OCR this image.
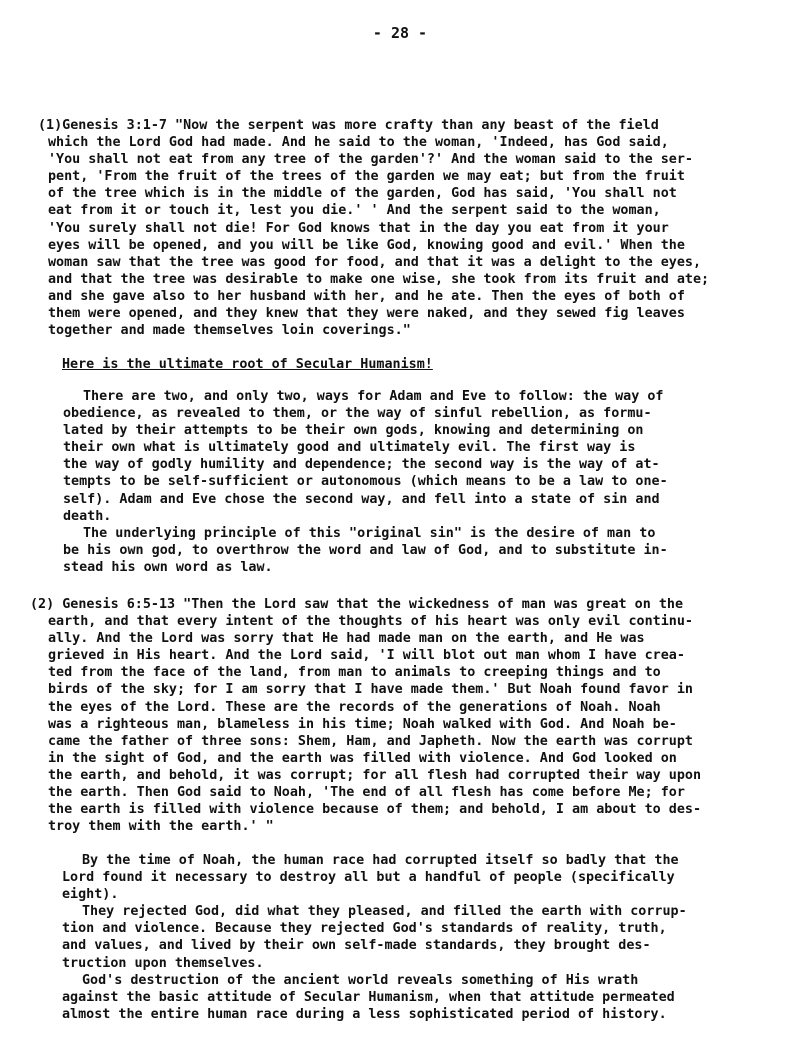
- 28 -
(1)Genesis 3:1-7 "Now the serpent was more crafty than any beast of the field
which the Lord God had made. And he said to the woman, 'Indeed, has God said,
'You shall not eat from any tree of the garden'?' And the woman said to the ser-
pent, 'From the fruit of the trees of the garden we may eat; but from the fruit
of the tree which is in the middle of the garden, God has said, 'You shall not
eat from it or touch it, lest you die.' ' And the serpent said to the woman,
'You surely shall not die! For God knows that in the day you eat from it your
eyes will be opened, and you will be like God, knowing good and evil.' When the
woman saw that the tree was good for food, and that it was a delight to the eyes,
and that the tree was desirable to make one wise, she took from its fruit and ate;
and she gave also to her husband with her, and he ate. Then the eyes of both of
them were opened, and they knew that they were naked, and they sewed fig leaves
together and made themselves loin coverings."
Here is the ultimate root of Secular Humanism!
There are two, and only two, ways for Adam and Eve to follow: the way of
obedience, as revealed to them, or the way of sinful rebellion, as formu-
lated by their attempts to be their own gods, knowing and determining on
their own what is ultimately good and ultimately evil. The first way is
the way of godly humility and dependence; the second way is the way of at-
tempts to be self-sufficient or autonomous (which means to be a law to one-
self). Adam and Eve chose the second way, and fell into a state of sin and
death.
The underlying principle of this "original sin" is the desire of man to
be his own god, to overthrow the word and law of God, and to substitute in-
stead his own word as law.
(2) Genesis 6:5-13 "Then the Lord saw that the wickedness of man was great on the
earth, and that every intent of the thoughts of his heart was only evil continu-
ally. And the Lord was sorry that He had made man on the earth, and He was
grieved in His heart. And the Lord said, 'I will blot out man whom I have crea-
ted from the face of the land, from man to animals to creeping things and to
birds of the sky; for I am sorry that I have made them.' But Noah found favor in
the eyes of the Lord. These are the records of the generations of Noah. Noah
was a righteous man, blameless in his time; Noah walked with God. And Noah be-
came the father of three sons: Shem, Ham, and Japheth. Now the earth was corrupt
in the sight of God, and the earth was filled with violence. And God looked on
the earth, and behold, it was corrupt; for all flesh had corrupted their way upon
the earth. Then God said to Noah, 'The end of all flesh has come before Me; for
the earth is filled with violence because of them; and behold, I am about to des-
troy them with the earth.' "
By the time of Noah, the human race had corrupted itself so badly that the
Lord found it necessary to destroy all but a handful of people (specifically
eight).
They rejected God, did what they pleased, and filled the earth with corrup-
tion and violence. Because they rejected God's standards of reality, truth,
and values, and lived by their own self-made standards, they brought des-
truction upon themselves.
God's destruction of the ancient world reveals something of His wrath
against the basic attitude of Secular Humanism, when that attitude permeated
almost the entire human race during a less sophisticated period of history.
